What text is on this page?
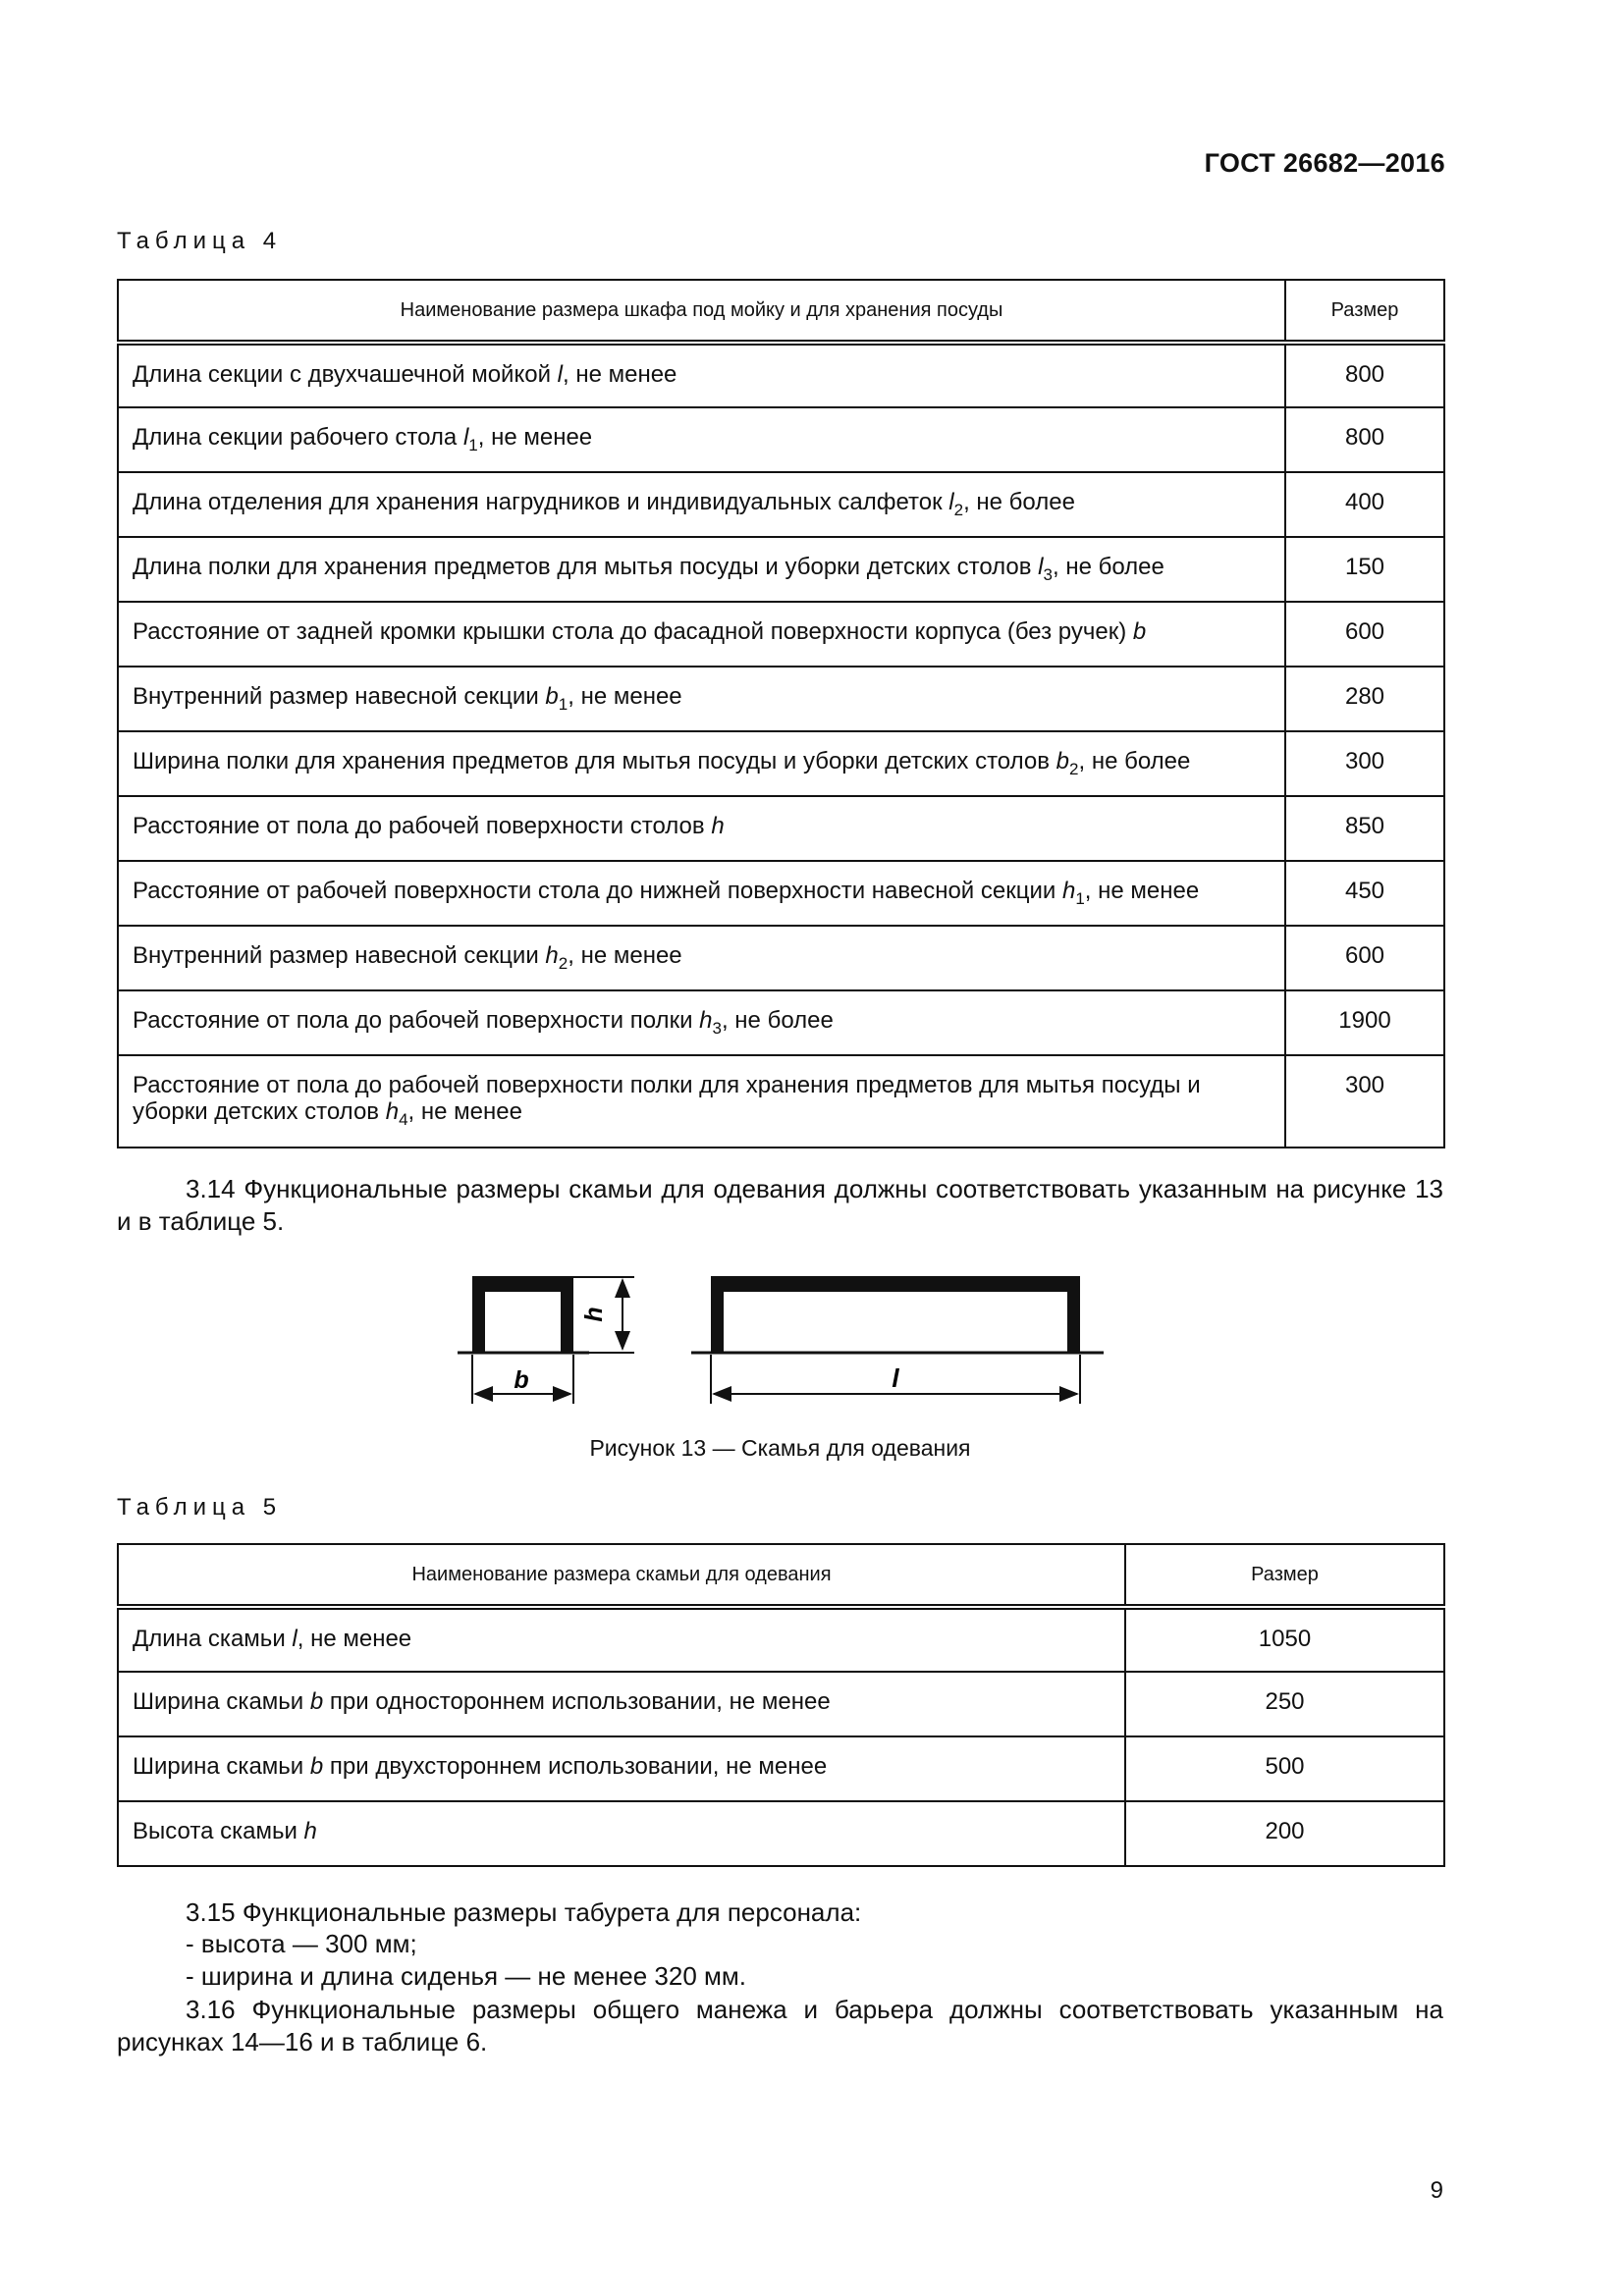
ГОСТ 26682—2016
Таблица 4
Наименование размера шкафа под мойку и для хранения посуды	Размер
Длина секции с двухчашечной мойкой l, не менее	800
Длина секции рабочего стола $l_1$, не менее	800
Длина отделения для хранения нагрудников и индивидуальных салфеток $l_2$, не более	400
Длина полки для хранения предметов для мытья посуды и уборки детских столов $l_3$, не более	150
Расстояние от задней кромки крышки стола до фасадной поверхности корпуса (без ручек) b	600
Внутренний размер навесной секции $b_1$, не менее	280
Ширина полки для хранения предметов для мытья посуды и уборки детских столов $b_2$, не более	300
Расстояние от пола до рабочей поверхности столов h	850
Расстояние от рабочей поверхности стола до нижней поверхности навесной секции $h_1$, не менее	450
Внутренний размер навесной секции $h_2$, не менее	600
Расстояние от пола до рабочей поверхности полки $h_3$, не более	1900
Расстояние от пола до рабочей поверхности полки для хранения предметов для мытья посуды и уборки детских столов $h_4$, не менее	300
3.14 Функциональные размеры скамьи для одевания должны соответствовать указанным на рисунке 13 и в таблице 5.
h
b	l
Рисунок 13 — Скамья для одевания
Таблица 5
Наименование размера скамьи для одевания	Размер
Длина скамьи l, не менее	1050
Ширина скамьи b при одностороннем использовании, не менее	250
Ширина скамьи b при двухстороннем использовании, не менее	500
Высота скамьи h	200
3.15 Функциональные размеры табурета для персонала:
- высота — 300 мм;
- ширина и длина сиденья — не менее 320 мм.
3.16 Функциональные размеры общего манежа и барьера должны соответствовать указанным на рисунках 14—16 и в таблице 6.
9
